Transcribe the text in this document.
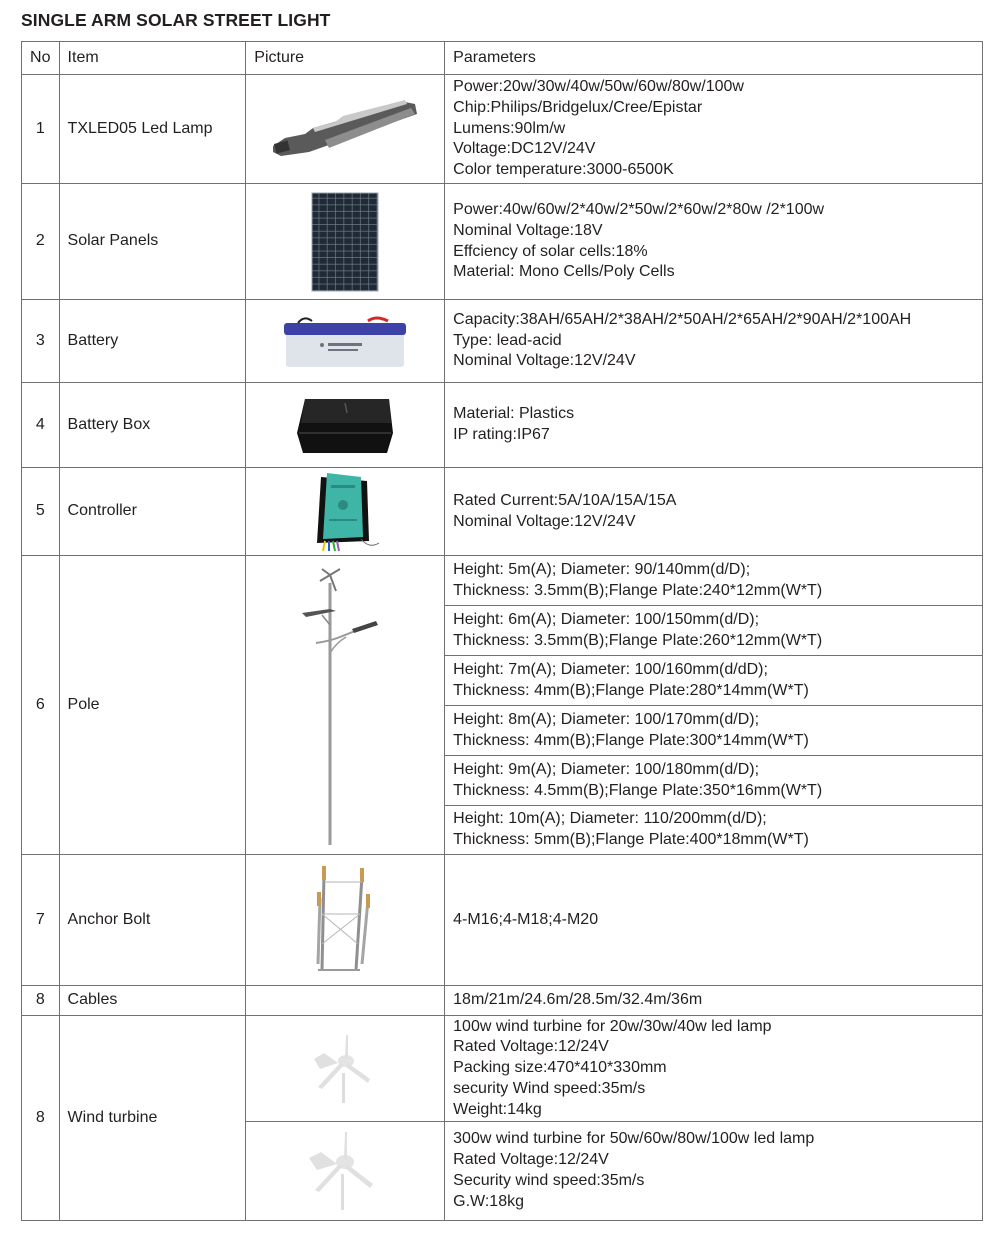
SINGLE ARM SOLAR STREET LIGHT
No	Item	Picture	Parameters
1	TXLED05 Led Lamp		Power:20w/30w/40w/50w/60w/80w/100w
Chip:Philips/Bridgelux/Cree/Epistar
Lumens:90lm/w
Voltage:DC12V/24V
Color temperature:3000-6500K

2	Solar Panels		Power:40w/60w/2*40w/2*50w/2*60w/2*80w /2*100w
Nominal Voltage:18V
Effciency of solar cells:18%
Material: Mono Cells/Poly Cells

3	Battery		Capacity:38AH/65AH/2*38AH/2*50AH/2*65AH/2*90AH/2*100AH
Type: lead-acid
Nominal Voltage:12V/24V

4	Battery Box		Material: Plastics
IP rating:IP67

5	Controller		Rated Current:5A/10A/15A/15A
Nominal Voltage:12V/24V

6	Pole		Height: 5m(A); Diameter: 90/140mm(d/D);
Thickness: 3.5mm(B);Flange Plate:240*12mm(W*T)

			Height: 6m(A); Diameter: 100/150mm(d/D);
Thickness: 3.5mm(B);Flange Plate:260*12mm(W*T)

			Height: 7m(A); Diameter: 100/160mm(d/dD);
Thickness: 4mm(B);Flange Plate:280*14mm(W*T)

			Height: 8m(A); Diameter: 100/170mm(d/D);
Thickness: 4mm(B);Flange Plate:300*14mm(W*T)

			Height: 9m(A); Diameter: 100/180mm(d/D);
Thickness: 4.5mm(B);Flange Plate:350*16mm(W*T)

			Height: 10m(A); Diameter: 110/200mm(d/D);
Thickness: 5mm(B);Flange Plate:400*18mm(W*T)

7	Anchor Bolt		4-M16;4-M18;4-M20

8	Cables		18m/21m/24.6m/28.5m/32.4m/36m

8	Wind turbine		100w wind turbine for 20w/30w/40w led lamp
Rated Voltage:12/24V
Packing size:470*410*330mm
security Wind speed:35m/s
Weight:14kg

300w wind turbine for 50w/60w/80w/100w led lamp
Rated Voltage:12/24V
Security wind speed:35m/s
G.W:18kg
